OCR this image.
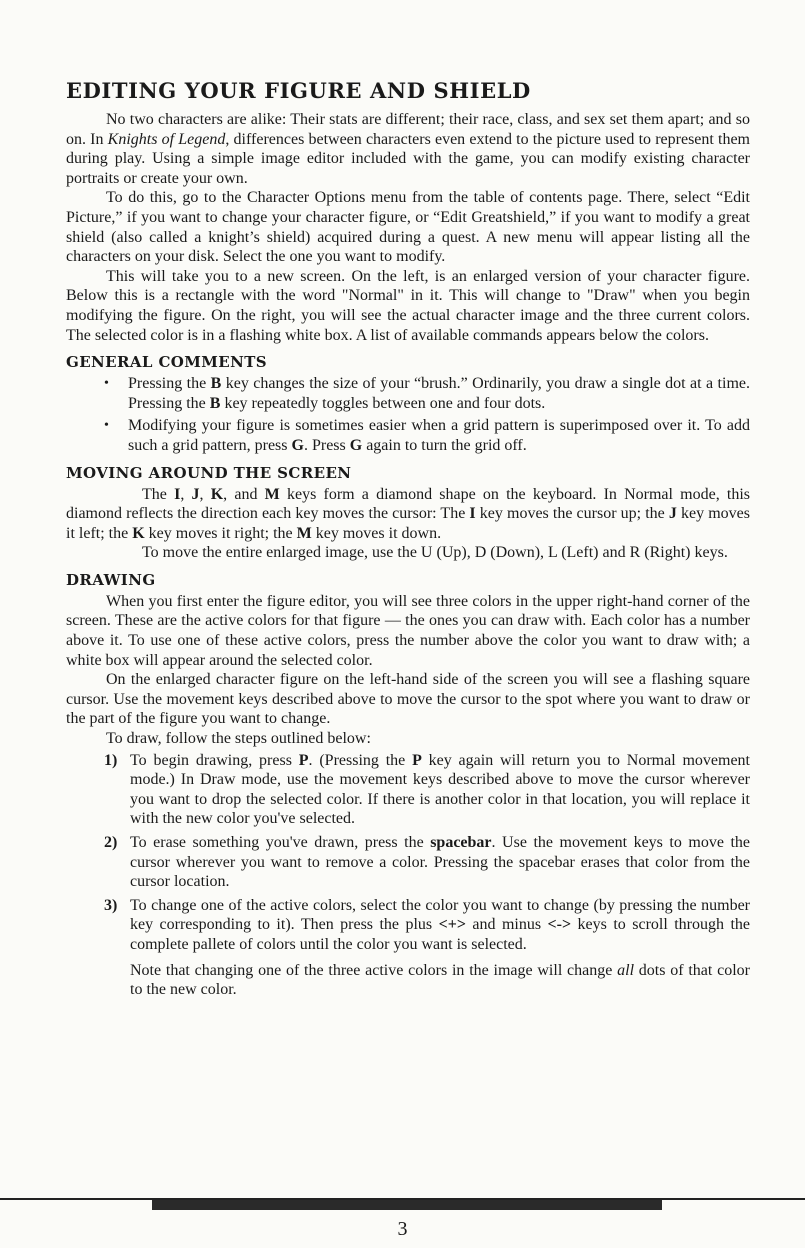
EDITING YOUR FIGURE AND SHIELD

No two characters are alike: Their stats are different; their race, class, and sex set them apart; and so on. In Knights of Legend, differences between characters even extend to the picture used to represent them during play. Using a simple image editor included with the game, you can modify existing character portraits or create your own.

To do this, go to the Character Options menu from the table of contents page. There, select “Edit Picture,” if you want to change your character figure, or “Edit Greatshield,” if you want to modify a great shield (also called a knight’s shield) acquired during a quest. A new menu will appear listing all the characters on your disk. Select the one you want to modify.

This will take you to a new screen. On the left, is an enlarged version of your character figure. Below this is a rectangle with the word "Normal" in it. This will change to "Draw" when you begin modifying the figure. On the right, you will see the actual character image and the three current colors. The selected color is in a flashing white box. A list of available commands appears below the colors.

GENERAL COMMENTS
• Pressing the B key changes the size of your “brush.” Ordinarily, you draw a single dot at a time. Pressing the B key repeatedly toggles between one and four dots.
• Modifying your figure is sometimes easier when a grid pattern is superimposed over it. To add such a grid pattern, press G. Press G again to turn the grid off.
MOVING AROUND THE SCREEN

The I, J, K, and M keys form a diamond shape on the keyboard. In Normal mode, this diamond reflects the direction each key moves the cursor: The I key moves the cursor up; the J key moves it left; the K key moves it right; the M key moves it down.

To move the entire enlarged image, use the U (Up), D (Down), L (Left) and R (Right) keys.

DRAWING

When you first enter the figure editor, you will see three colors in the upper right-hand corner of the screen. These are the active colors for that figure — the ones you can draw with. Each color has a number above it. To use one of these active colors, press the number above the color you want to draw with; a white box will appear around the selected color.

On the enlarged character figure on the left-hand side of the screen you will see a flashing square cursor. Use the movement keys described above to move the cursor to the spot where you want to draw or the part of the figure you want to change.

To draw, follow the steps outlined below:

1) To begin drawing, press P. (Pressing the P key again will return you to Normal movement mode.) In Draw mode, use the movement keys described above to move the cursor wherever you want to drop the selected color. If there is another color in that location, you will replace it with the new color you've selected.
2) To erase something you've drawn, press the spacebar. Use the movement keys to move the cursor wherever you want to remove a color. Pressing the spacebar erases that color from the cursor location.
3) To change one of the active colors, select the color you want to change (by pressing the number key corresponding to it). Then press the plus <+> and minus <-> keys to scroll through the complete pallete of colors until the color you want is selected.

Note that changing one of the three active colors in the image will change all dots of that color to the new color.

3
